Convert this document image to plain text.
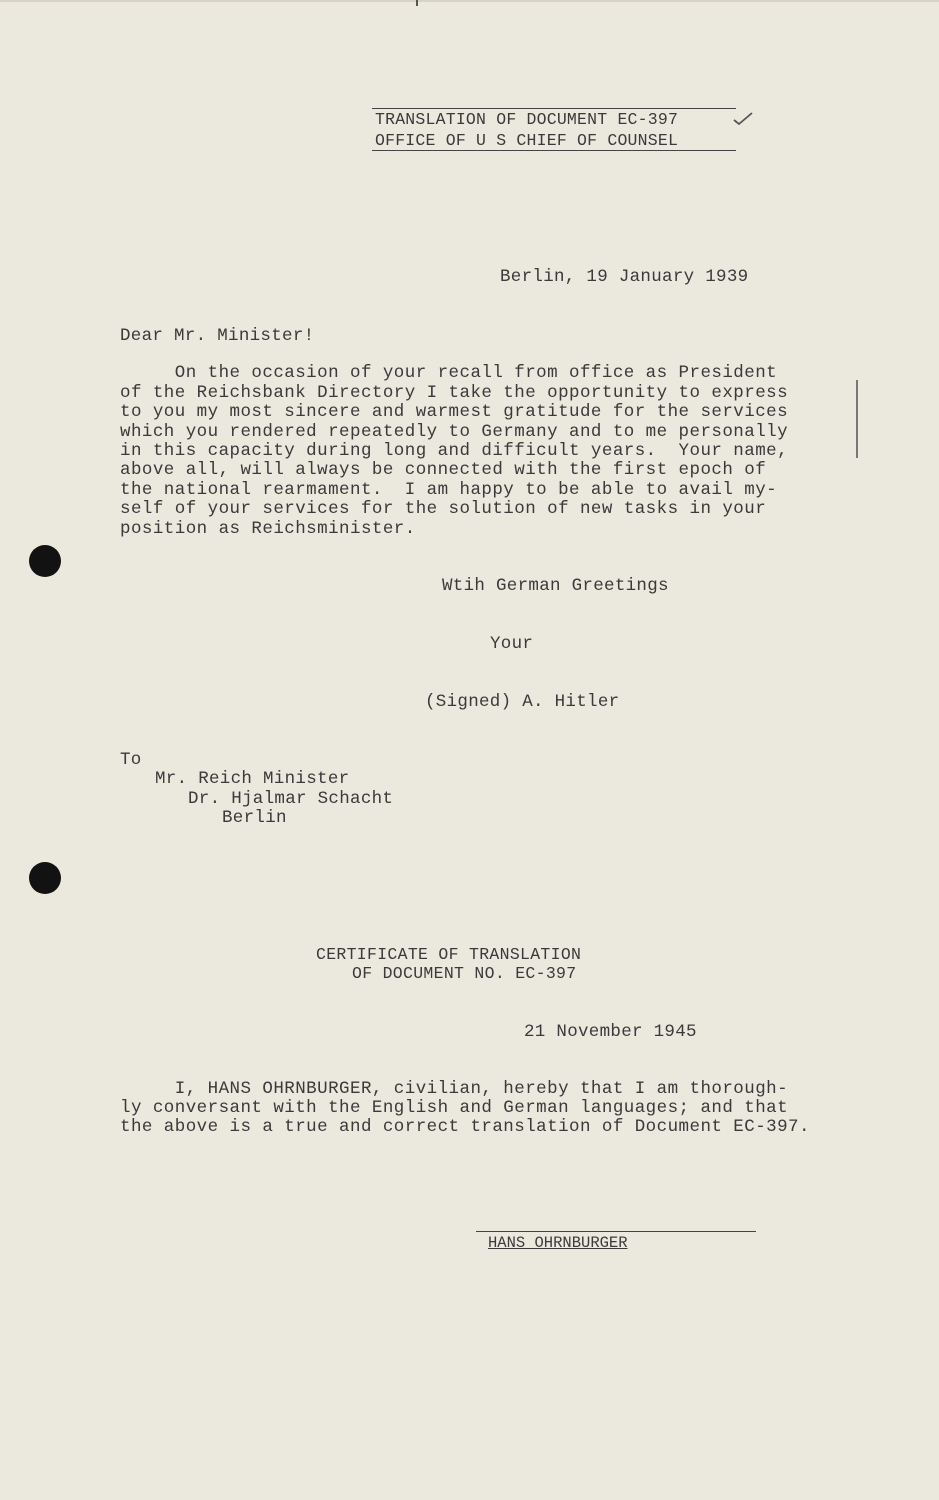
TRANSLATION OF DOCUMENT EC-397

OFFICE OF U S CHIEF OF COUNSEL

Berlin, 19 January 1939

Dear Mr. Minister!

On the occasion of your recall from office as President

of the Reichsbank Directory I take the opportunity to express

to you my most sincere and warmest gratitude for the services

which you rendered repeatedly to Germany and to me personally

in this capacity during long and difficult years.  Your name,

above all, will always be connected with the first epoch of

the national rearmament.  I am happy to be able to avail my-

self of your services for the solution of new tasks in your

position as Reichsminister.

Wtih German Greetings

Your

(Signed) A. Hitler

To

Mr. Reich Minister

Dr. Hjalmar Schacht

Berlin

CERTIFICATE OF TRANSLATION

OF DOCUMENT NO. EC-397

21 November 1945

I, HANS OHRNBURGER, civilian, hereby that I am thorough-

ly conversant with the English and German languages; and that

the above is a true and correct translation of Document EC-397.

HANS OHRNBURGER
